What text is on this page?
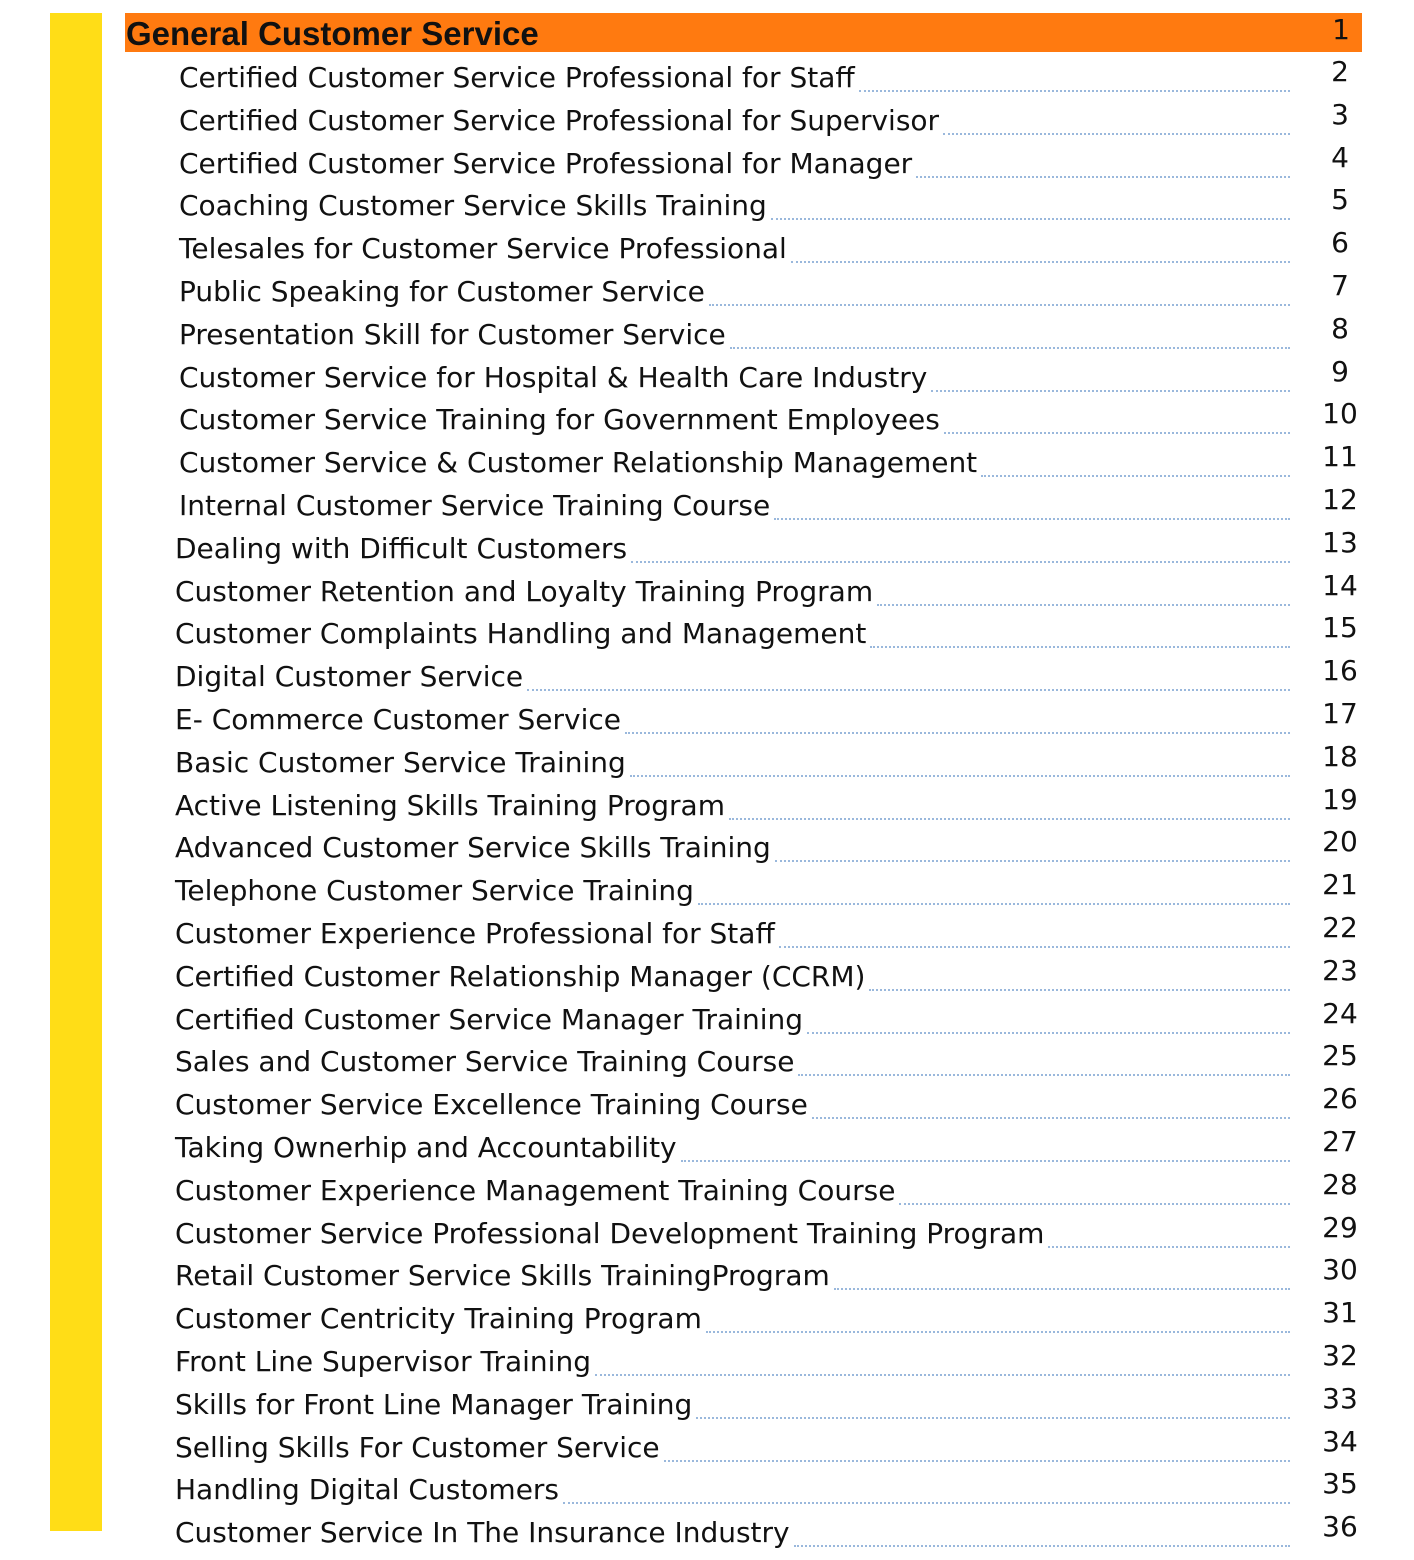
General Customer Service	1
Certified Customer Service Professional for Staff	2
Certified Customer Service Professional for Supervisor	3
Certified Customer Service Professional for Manager	4
Coaching Customer Service Skills Training	5
Telesales for Customer Service Professional	6
Public Speaking for Customer Service	7
Presentation Skill for Customer Service	8
Customer Service for Hospital & Health Care Industry	9
Customer Service Training for Government Employees	10
Customer Service & Customer Relationship Management	11
Internal Customer Service Training Course	12
Dealing with Difficult Customers	13
Customer Retention and Loyalty Training Program	14
Customer Complaints Handling and Management	15
Digital Customer Service	16
E- Commerce Customer Service	17
Basic Customer Service Training	18
Active Listening Skills Training Program	19
Advanced Customer Service Skills Training	20
Telephone Customer Service Training	21
Customer Experience Professional for Staff	22
Certified Customer Relationship Manager (CCRM)	23
Certified Customer Service Manager Training	24
Sales and Customer Service Training Course	25
Customer Service Excellence Training Course	26
Taking Ownerhip and Accountability	27
Customer Experience Management Training Course	28
Customer Service Professional Development Training Program	29
Retail Customer Service Skills TrainingProgram	30
Customer Centricity Training Program	31
Front Line Supervisor Training	32
Skills for Front Line Manager Training	33
Selling Skills For Customer Service	34
Handling Digital Customers	35
Customer Service In The Insurance Industry	36
